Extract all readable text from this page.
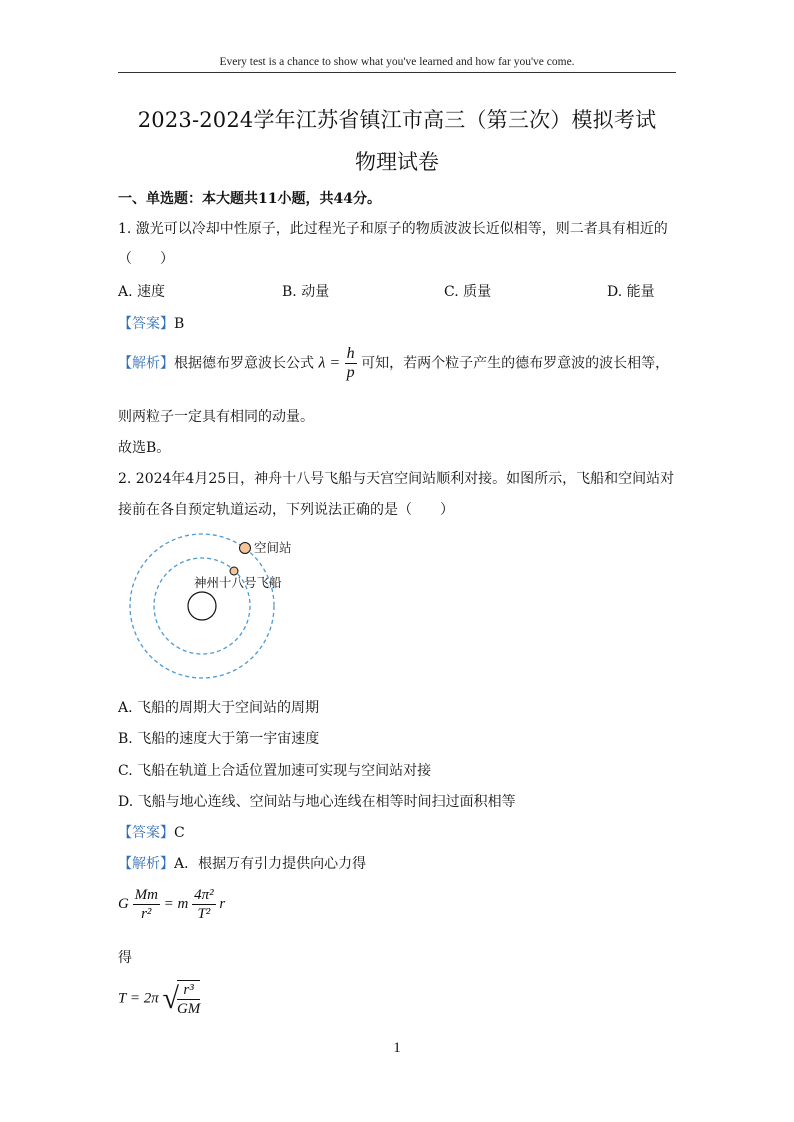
Every test is a chance to show what you've learned and how far you've come.
2023-2024学年江苏省镇江市高三（第三次）模拟考试
物理试卷
一、单选题：本大题共11小题，共44分。
1. 激光可以冷却中性原子，此过程光子和原子的物质波波长近似相等，则二者具有相近的
（　　）
A. 速度	B. 动量	C. 质量	D. 能量
【答案】B
【解析】根据德布罗意波长公式 $\lambda = \frac{h}{p}$ 可知，若两个粒子产生的德布罗意波的波长相等，
则两粒子一定具有相同的动量。
故选B。
2. 2024年4月25日，神舟十八号飞船与天宫空间站顺利对接。如图所示，飞船和空间站对
接前在各自预定轨道运动，下列说法正确的是（　　）
空间站
神州十八号飞船
A. 飞船的周期大于空间站的周期
B. 飞船的速度大于第一宇宙速度
C. 飞船在轨道上合适位置加速可实现与空间站对接
D. 飞船与地心连线、空间站与地心连线在相等时间扫过面积相等
【答案】C
【解析】A．根据万有引力提供向心力得
G $\frac{Mm}{\text{r²}} = m \frac{\text{4π²}}{\text{T²}}$ r
得
T = 2π √
$\frac{\text{r³}}{GM}$
1
